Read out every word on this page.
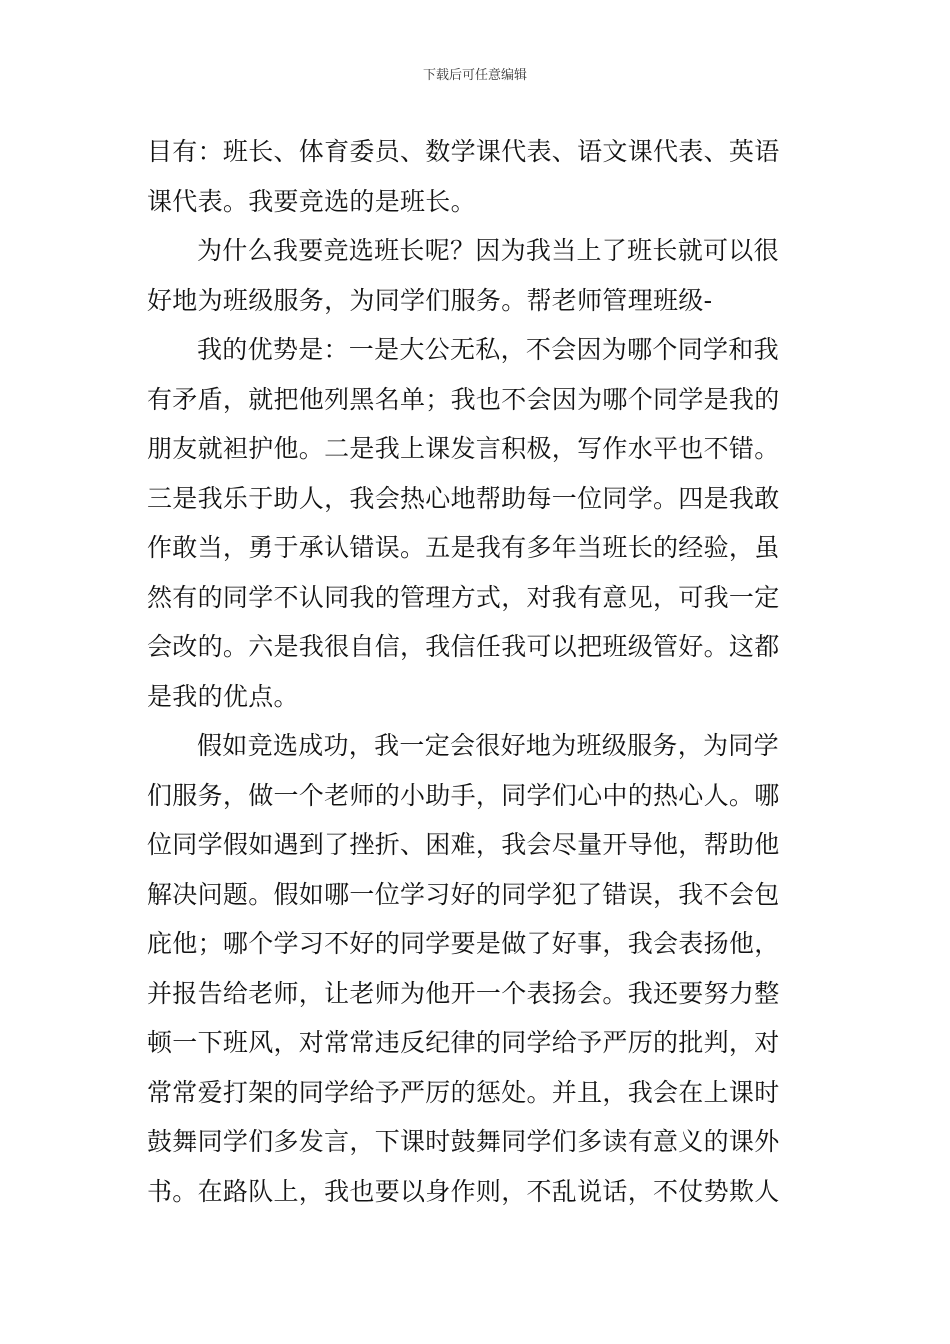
下载后可任意编辑
目有：班长、体育委员、数学课代表、语文课代表、英语
课代表。我要竞选的是班长。
为什么我要竞选班长呢？因为我当上了班长就可以很
好地为班级服务，为同学们服务。帮老师管理班级-
我的优势是：一是大公无私，不会因为哪个同学和我
有矛盾，就把他列黑名单；我也不会因为哪个同学是我的
朋友就袒护他。二是我上课发言积极，写作水平也不错。
三是我乐于助人，我会热心地帮助每一位同学。四是我敢
作敢当，勇于承认错误。五是我有多年当班长的经验，虽
然有的同学不认同我的管理方式，对我有意见，可我一定
会改的。六是我很自信，我信任我可以把班级管好。这都
是我的优点。
假如竞选成功，我一定会很好地为班级服务，为同学
们服务，做一个老师的小助手，同学们心中的热心人。哪
位同学假如遇到了挫折、困难，我会尽量开导他，帮助他
解决问题。假如哪一位学习好的同学犯了错误，我不会包
庇他；哪个学习不好的同学要是做了好事，我会表扬他，
并报告给老师，让老师为他开一个表扬会。我还要努力整
顿一下班风，对常常违反纪律的同学给予严厉的批判，对
常常爱打架的同学给予严厉的惩处。并且，我会在上课时
鼓舞同学们多发言，下课时鼓舞同学们多读有意义的课外
书。在路队上，我也要以身作则，不乱说话，不仗势欺人
